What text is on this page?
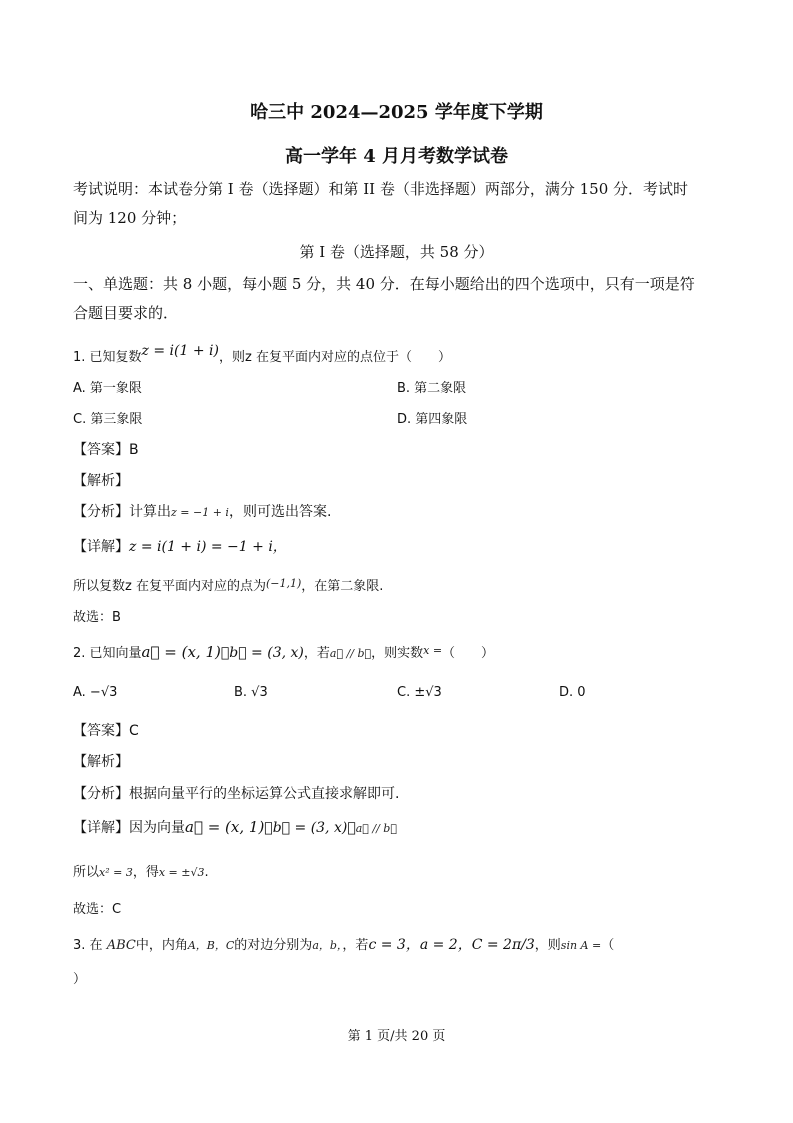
哈三中 2024—2025 学年度下学期
高一学年 4 月月考数学试卷
考试说明：本试卷分第 I 卷（选择题）和第 II 卷（非选择题）两部分，满分 150 分．考试时
间为 120 分钟；
第 I 卷（选择题，共 58 分）
一、单选题：共 8 小题，每小题 5 分，共 40 分．在每小题给出的四个选项中，只有一项是符
合题目要求的．
1. 已知复数z = i(1 + i)，则z 在复平面内对应的点位于（　　）
A. 第一象限	B. 第二象限
C. 第三象限	D. 第四象限
【答案】B
【解析】
【分析】计算出z = −1 + i，则可选出答案.
【详解】z = i(1 + i) = −1 + i，
所以复数z 在复平面内对应的点为$^{(-1,1)}$，在第二象限.
故选：B
2. 已知向量a⃗ = (x, 1)，b⃗ = (3, x)，若a⃗ // b⃗，则实数$^{x =}$（　　）
A. −√3	B. √3	C. ±√3	D. 0
【答案】C
【解析】
【分析】根据向量平行的坐标运算公式直接求解即可.
【详解】因为向量a⃗ = (x, 1)，b⃗ = (3, x)，a⃗ // b⃗
所以x² = 3，得x = ±√3.
故选：C
3. 在 ABC中，内角A，B，C的对边分别为a，b，，若c = 3，a = 2，C = 2π/3，则sin A =（
）
第 1 页/共 20 页
